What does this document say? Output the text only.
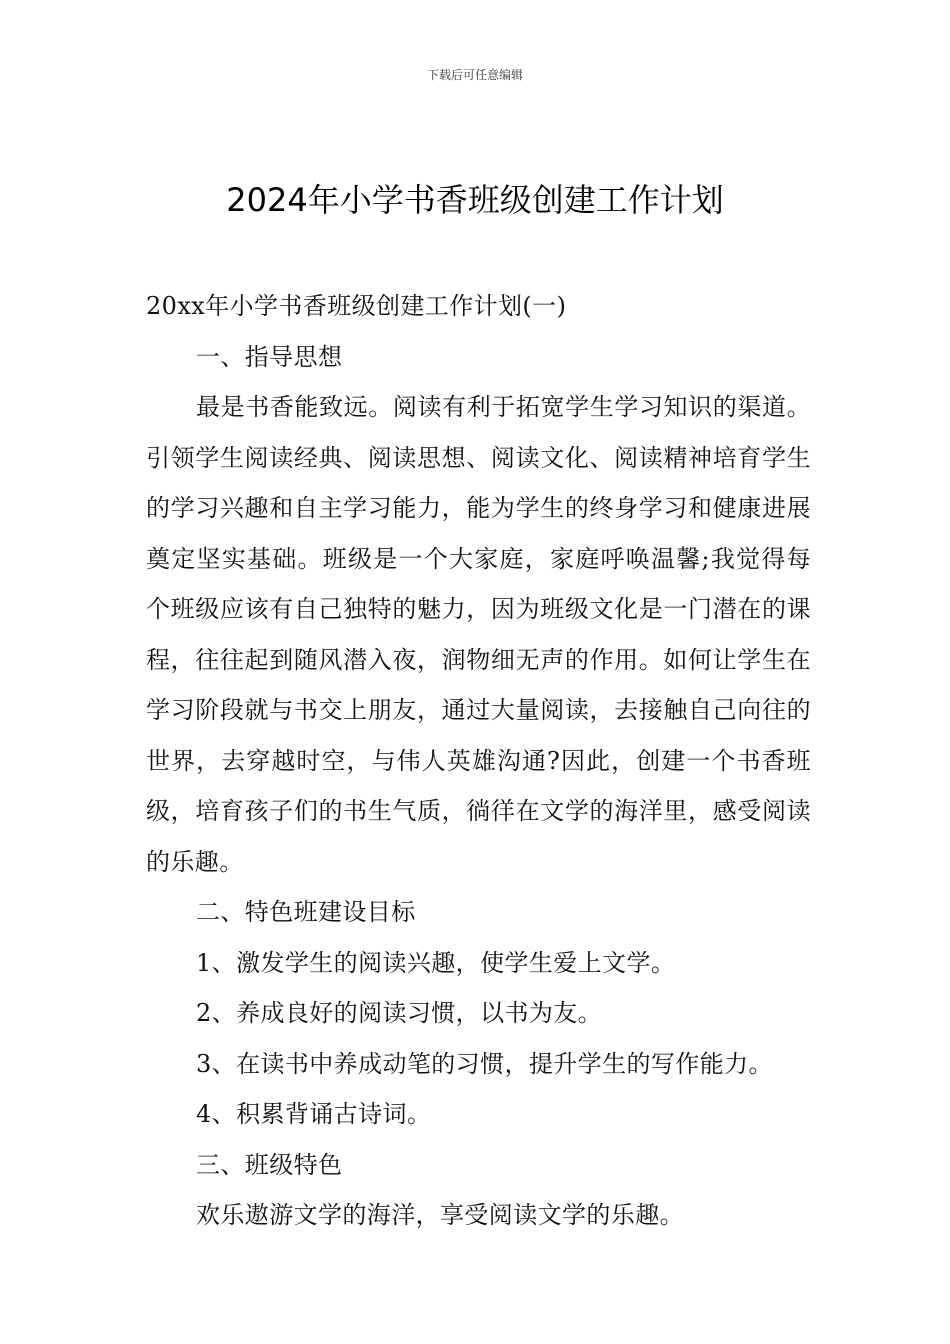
下载后可任意编辑
2024年小学书香班级创建工作计划
20xx年小学书香班级创建工作计划(一)
一、指导思想

最是书香能致远。阅读有利于拓宽学生学习知识的渠道。引领学生阅读经典、阅读思想、阅读文化、阅读精神培育学生的学习兴趣和自主学习能力，能为学生的终身学习和健康进展奠定坚实基础。班级是一个大家庭，家庭呼唤温馨;我觉得每个班级应该有自己独特的魅力，因为班级文化是一门潜在的课程，往往起到随风潜入夜，润物细无声的作用。如何让学生在学习阶段就与书交上朋友，通过大量阅读，去接触自己向往的世界，去穿越时空，与伟人英雄沟通?因此，创建一个书香班级，培育孩子们的书生气质，徜徉在文学的海洋里，感受阅读的乐趣。

二、特色班建设目标
1、激发学生的阅读兴趣，使学生爱上文学。
2、养成良好的阅读习惯，以书为友。
3、在读书中养成动笔的习惯，提升学生的写作能力。
4、积累背诵古诗词。
三、班级特色
欢乐遨游文学的海洋，享受阅读文学的乐趣。
